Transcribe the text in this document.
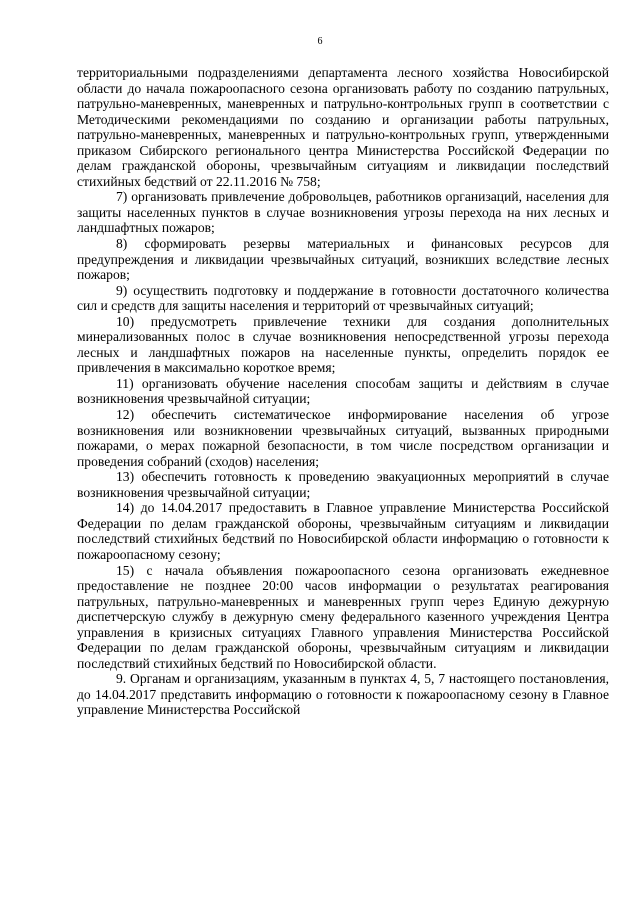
6

территориальными подразделениями департамента лесного хозяйства Новосибирской области до начала пожароопасного сезона организовать работу по созданию патрульных, патрульно-маневренных, маневренных и патрульно-контрольных групп в соответствии с Методическими рекомендациями по созданию и организации работы патрульных, патрульно-маневренных, маневренных и патрульно-контрольных групп, утвержденными приказом Сибирского регионального центра Министерства Российской Федерации по делам гражданской обороны, чрезвычайным ситуациям и ликвидации последствий стихийных бедствий от 22.11.2016 № 758;

7) организовать привлечение добровольцев, работников организаций, населения для защиты населенных пунктов в случае возникновения угрозы перехода на них лесных и ландшафтных пожаров;

8) сформировать резервы материальных и финансовых ресурсов для предупреждения и ликвидации чрезвычайных ситуаций, возникших вследствие лесных пожаров;

9) осуществить подготовку и поддержание в готовности достаточного количества сил и средств для защиты населения и территорий от чрезвычайных ситуаций;

10) предусмотреть привлечение техники для создания дополнительных минерализованных полос в случае возникновения непосредственной угрозы перехода лесных и ландшафтных пожаров на населенные пункты, определить порядок ее привлечения в максимально короткое время;

11) организовать обучение населения способам защиты и действиям в случае возникновения чрезвычайной ситуации;

12) обеспечить систематическое информирование населения об угрозе возникновения или возникновении чрезвычайных ситуаций, вызванных природными пожарами, о мерах пожарной безопасности, в том числе посредством организации и проведения собраний (сходов) населения;

13) обеспечить готовность к проведению эвакуационных мероприятий в случае возникновения чрезвычайной ситуации;

14) до 14.04.2017 предоставить в Главное управление Министерства Российской Федерации по делам гражданской обороны, чрезвычайным ситуациям и ликвидации последствий стихийных бедствий по Новосибирской области информацию о готовности к пожароопасному сезону;

15) с начала объявления пожароопасного сезона организовать ежедневное предоставление не позднее 20:00 часов информации о результатах реагирования патрульных, патрульно-маневренных и маневренных групп через Единую дежурную диспетчерскую службу в дежурную смену федерального казенного учреждения Центра управления в кризисных ситуациях Главного управления Министерства Российской Федерации по делам гражданской обороны, чрезвычайным ситуациям и ликвидации последствий стихийных бедствий по Новосибирской области.

9. Органам и организациям, указанным в пунктах 4, 5, 7 настоящего постановления, до 14.04.2017 представить информацию о готовности к пожароопасному сезону в Главное управление Министерства Российской
